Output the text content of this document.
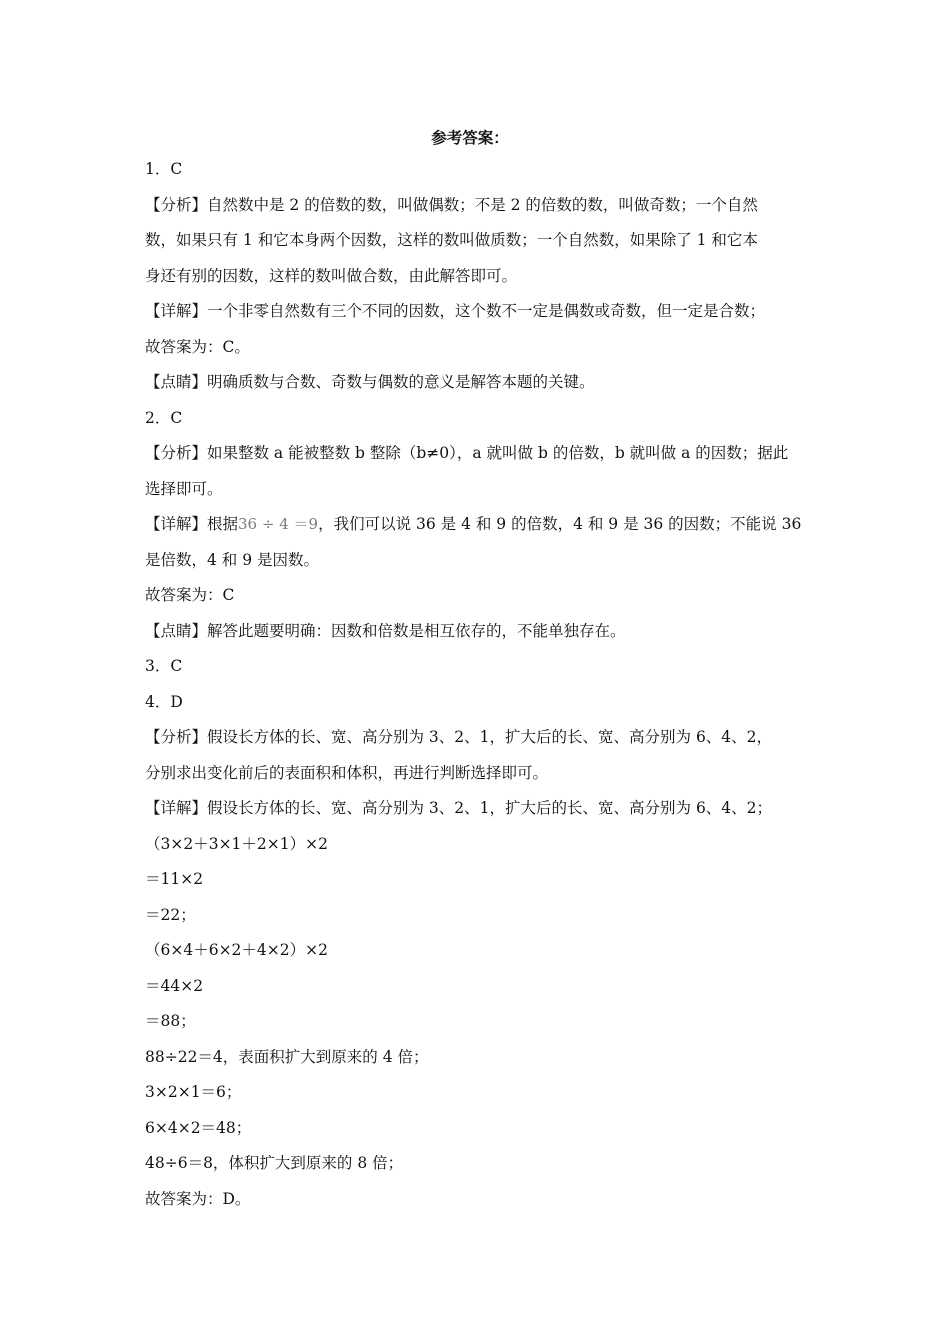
参考答案：
1．C
【分析】自然数中是 2 的倍数的数，叫做偶数；不是 2 的倍数的数，叫做奇数；一个自然
数，如果只有 1 和它本身两个因数，这样的数叫做质数；一个自然数，如果除了 1 和它本
身还有别的因数，这样的数叫做合数，由此解答即可。
【详解】一个非零自然数有三个不同的因数，这个数不一定是偶数或奇数，但一定是合数；
故答案为：C。
【点睛】明确质数与合数、奇数与偶数的意义是解答本题的关键。
2．C
【分析】如果整数 a 能被整数 b 整除（b≠0），a 就叫做 b 的倍数，b 就叫做 a 的因数；据此
选择即可。
【详解】根据36 ÷ 4 ＝9，我们可以说 36 是 4 和 9 的倍数，4 和 9 是 36 的因数；不能说 36
是倍数，4 和 9 是因数。
故答案为：C
【点睛】解答此题要明确：因数和倍数是相互依存的，不能单独存在。
3．C
4．D
【分析】假设长方体的长、宽、高分别为 3、2、1，扩大后的长、宽、高分别为 6、4、2，
分别求出变化前后的表面积和体积，再进行判断选择即可。
【详解】假设长方体的长、宽、高分别为 3、2、1，扩大后的长、宽、高分别为 6、4、2；
（3×2＋3×1＋2×1）×2
＝11×2
＝22；
（6×4＋6×2＋4×2）×2
＝44×2
＝88；
88÷22＝4，表面积扩大到原来的 4 倍；
3×2×1＝6；
6×4×2＝48；
48÷6＝8，体积扩大到原来的 8 倍；
故答案为：D。
